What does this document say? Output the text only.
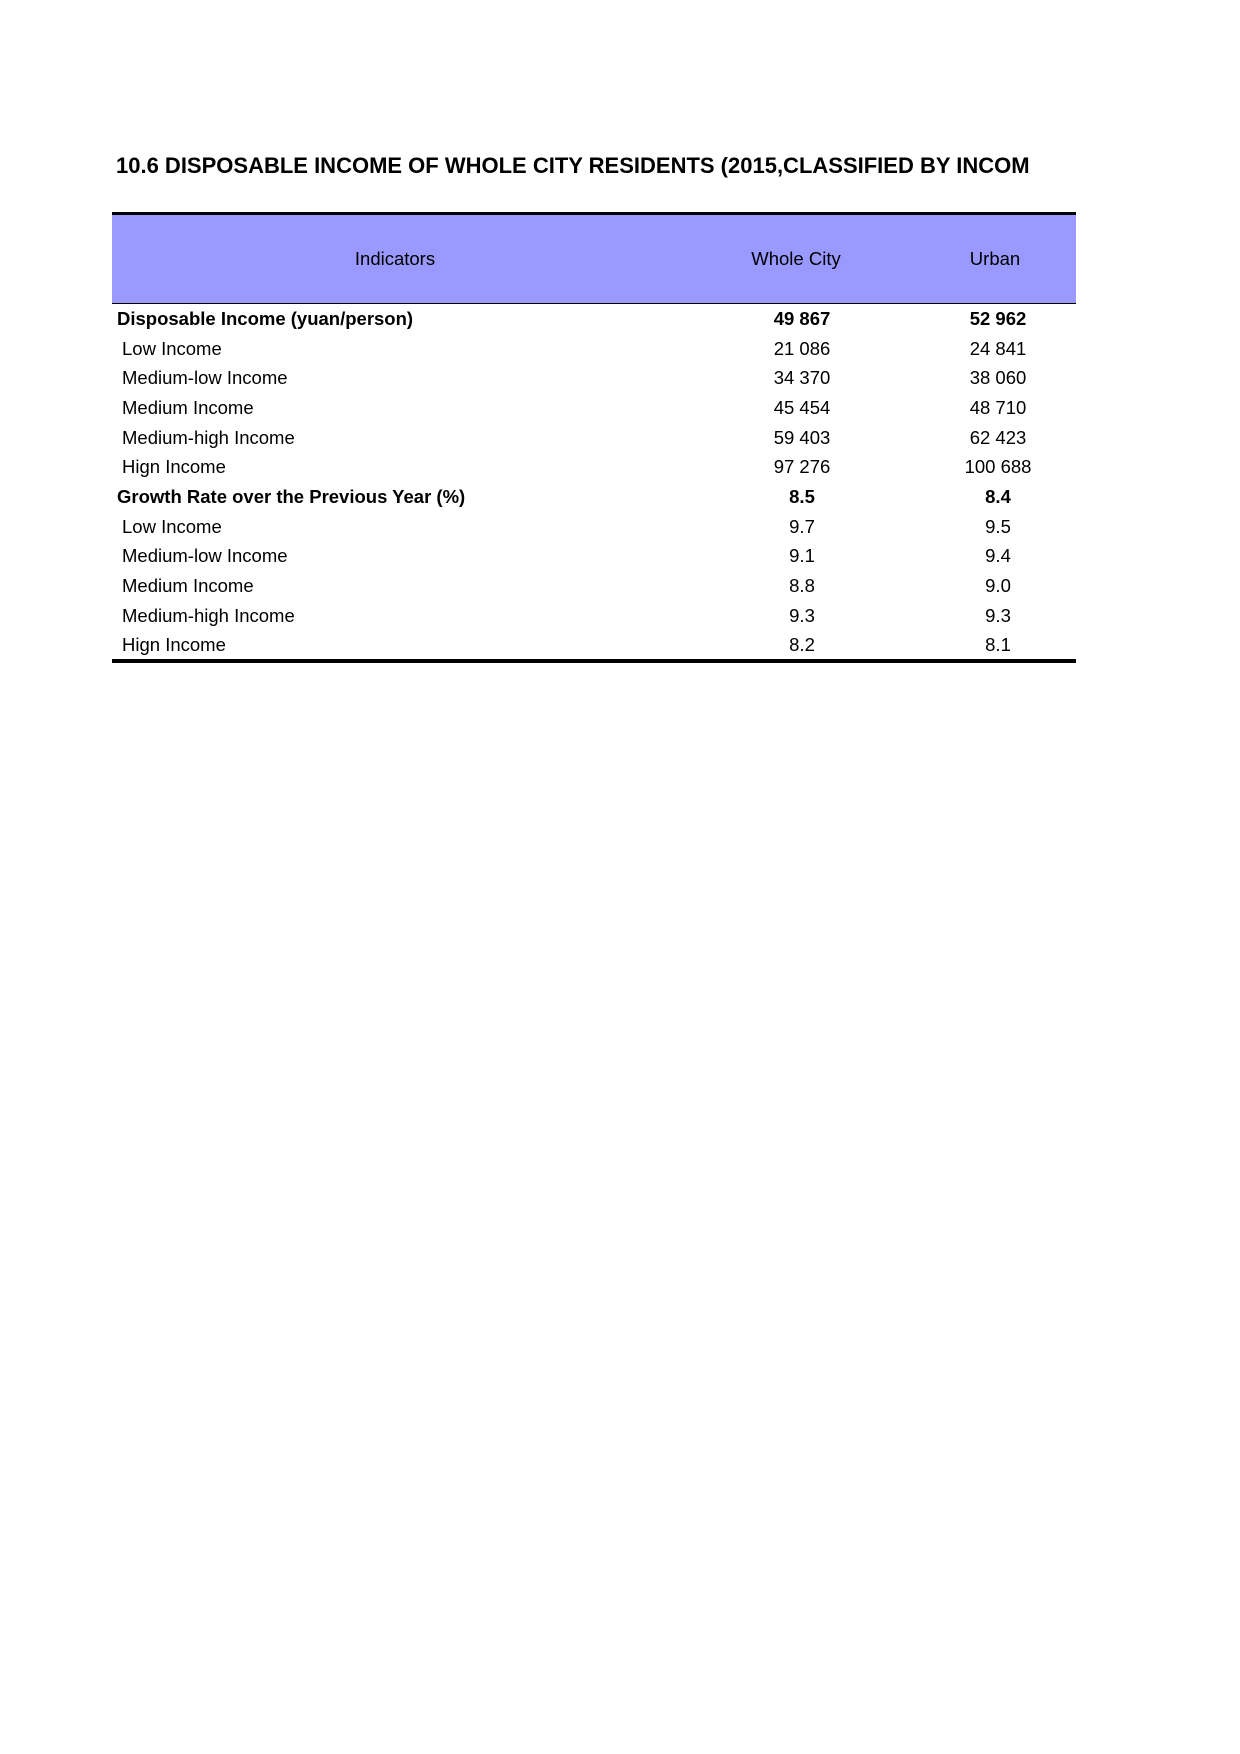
10.6 DISPOSABLE INCOME OF WHOLE CITY RESIDENTS (2015,CLASSIFIED BY INCOM
Indicators	Whole City	Urban
Disposable Income (yuan/person)	49 867	52 962
Low Income	21 086	24 841
Medium-low Income	34 370	38 060
Medium Income	45 454	48 710
Medium-high Income	59 403	62 423
Hign Income	97 276	100 688
Growth Rate over the Previous Year (%)	8.5	8.4
Low Income	9.7	9.5
Medium-low Income	9.1	9.4
Medium Income	8.8	9.0
Medium-high Income	9.3	9.3
Hign Income	8.2	8.1
